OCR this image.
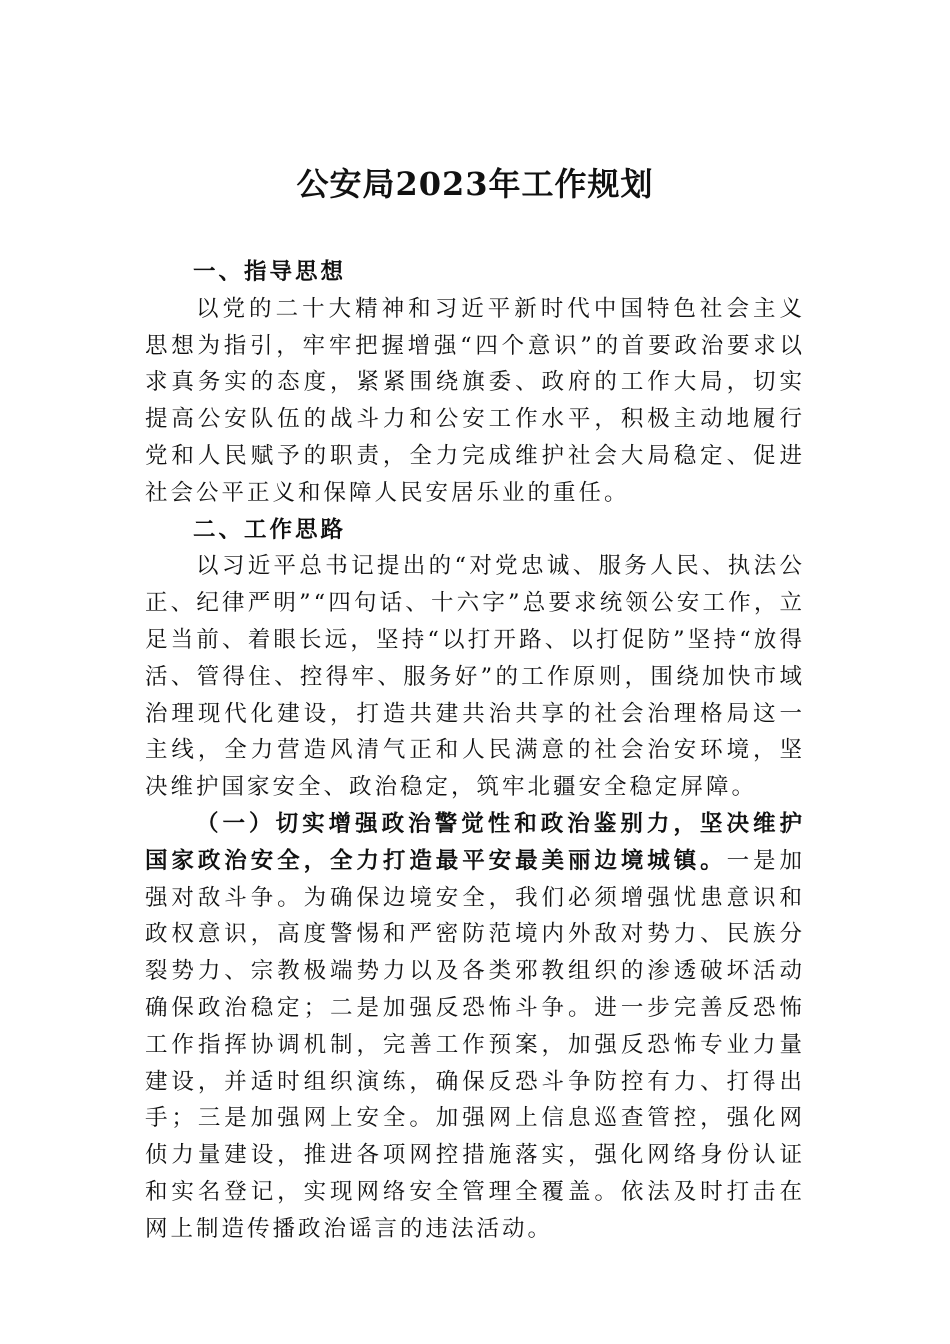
公安局2023年工作规划
一、指导思想

以党的二十大精神和习近平新时代中国特色社会主义思想为指引，牢牢把握增强“四个意识”的首要政治要求以求真务实的态度，紧紧围绕旗委、政府的工作大局，切实提高公安队伍的战斗力和公安工作水平，积极主动地履行党和人民赋予的职责，全力完成维护社会大局稳定、促进社会公平正义和保障人民安居乐业的重任。

二、工作思路

以习近平总书记提出的“对党忠诚、服务人民、执法公正、纪律严明”“四句话、十六字”总要求统领公安工作，立足当前、着眼长远，坚持“以打开路、以打促防”坚持“放得活、管得住、控得牢、服务好”的工作原则，围绕加快市域治理现代化建设，打造共建共治共享的社会治理格局这一主线，全力营造风清气正和人民满意的社会治安环境，坚决维护国家安全、政治稳定，筑牢北疆安全稳定屏障。

（一）切实增强政治警觉性和政治鉴别力，坚决维护国家政治安全，全力打造最平安最美丽边境城镇。一是加强对敌斗争。为确保边境安全，我们必须增强忧患意识和政权意识，高度警惕和严密防范境内外敌对势力、民族分裂势力、宗教极端势力以及各类邪教组织的渗透破坏活动确保政治稳定；二是加强反恐怖斗争。进一步完善反恐怖工作指挥协调机制，完善工作预案，加强反恐怖专业力量建设，并适时组织演练，确保反恐斗争防控有力、打得出手；三是加强网上安全。加强网上信息巡查管控，强化网侦力量建设，推进各项网控措施落实，强化网络身份认证和实名登记，实现网络安全管理全覆盖。依法及时打击在网上制造传播政治谣言的违法活动。
